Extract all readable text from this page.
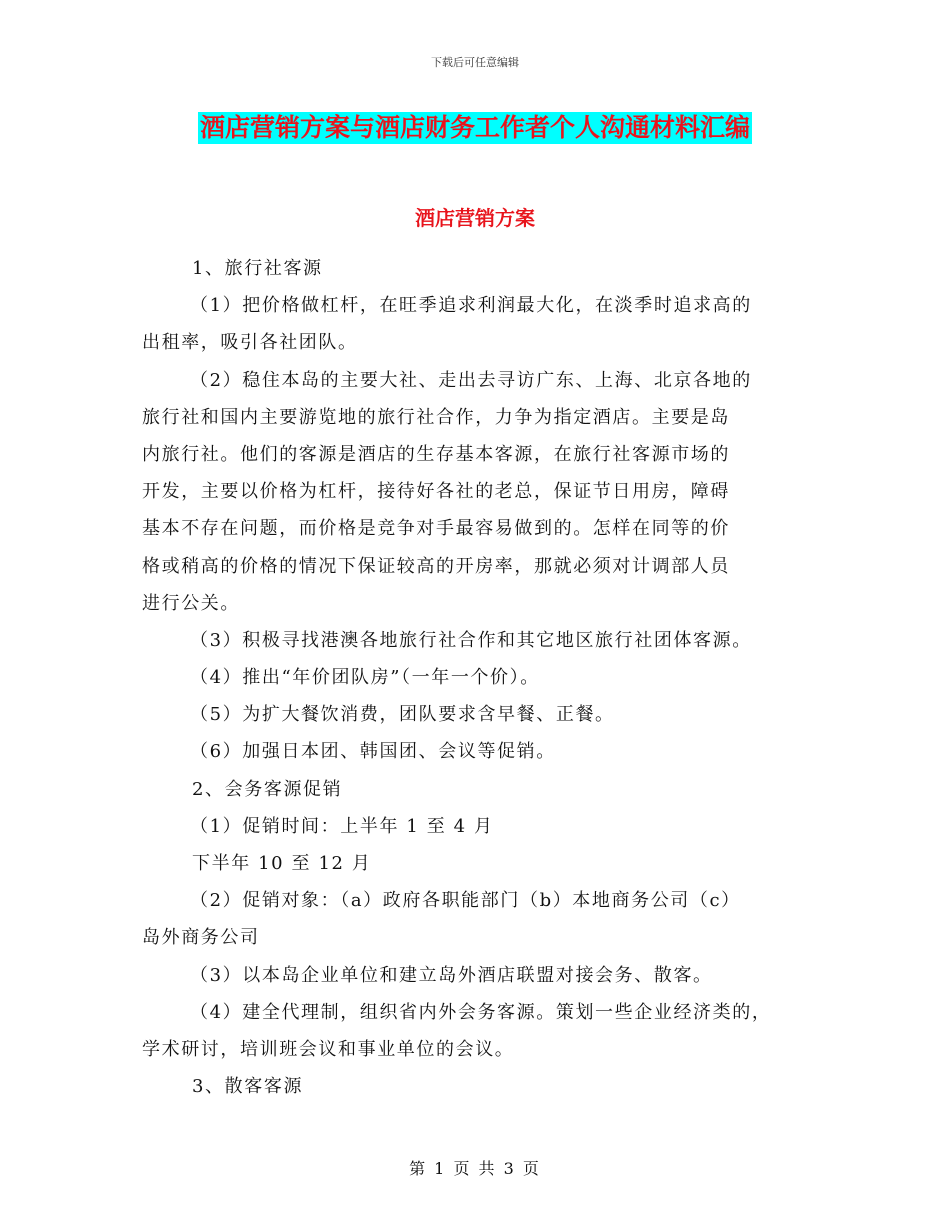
下载后可任意编辑
酒店营销方案与酒店财务工作者个人沟通材料汇编
酒店营销方案
1、旅行社客源
（1）把价格做杠杆，在旺季追求利润最大化，在淡季时追求高的
出租率，吸引各社团队。
（2）稳住本岛的主要大社、走出去寻访广东、上海、北京各地的
旅行社和国内主要游览地的旅行社合作，力争为指定酒店。主要是岛
内旅行社。他们的客源是酒店的生存基本客源，在旅行社客源市场的
开发，主要以价格为杠杆，接待好各社的老总，保证节日用房，障碍
基本不存在问题，而价格是竞争对手最容易做到的。怎样在同等的价
格或稍高的价格的情况下保证较高的开房率，那就必须对计调部人员
进行公关。
（3）积极寻找港澳各地旅行社合作和其它地区旅行社团体客源。
（4）推出“年价团队房”（一年一个价）。
（5）为扩大餐饮消费，团队要求含早餐、正餐。
（6）加强日本团、韩国团、会议等促销。
2、会务客源促销
（1）促销时间：上半年 1 至 4 月
下半年 10 至 12 月
（2）促销对象：（a）政府各职能部门（b）本地商务公司（c）
岛外商务公司
（3）以本岛企业单位和建立岛外酒店联盟对接会务、散客。
（4）建全代理制，组织省内外会务客源。策划一些企业经济类的，
学术研讨，培训班会议和事业单位的会议。
3、散客客源
第 1 页 共 3 页
